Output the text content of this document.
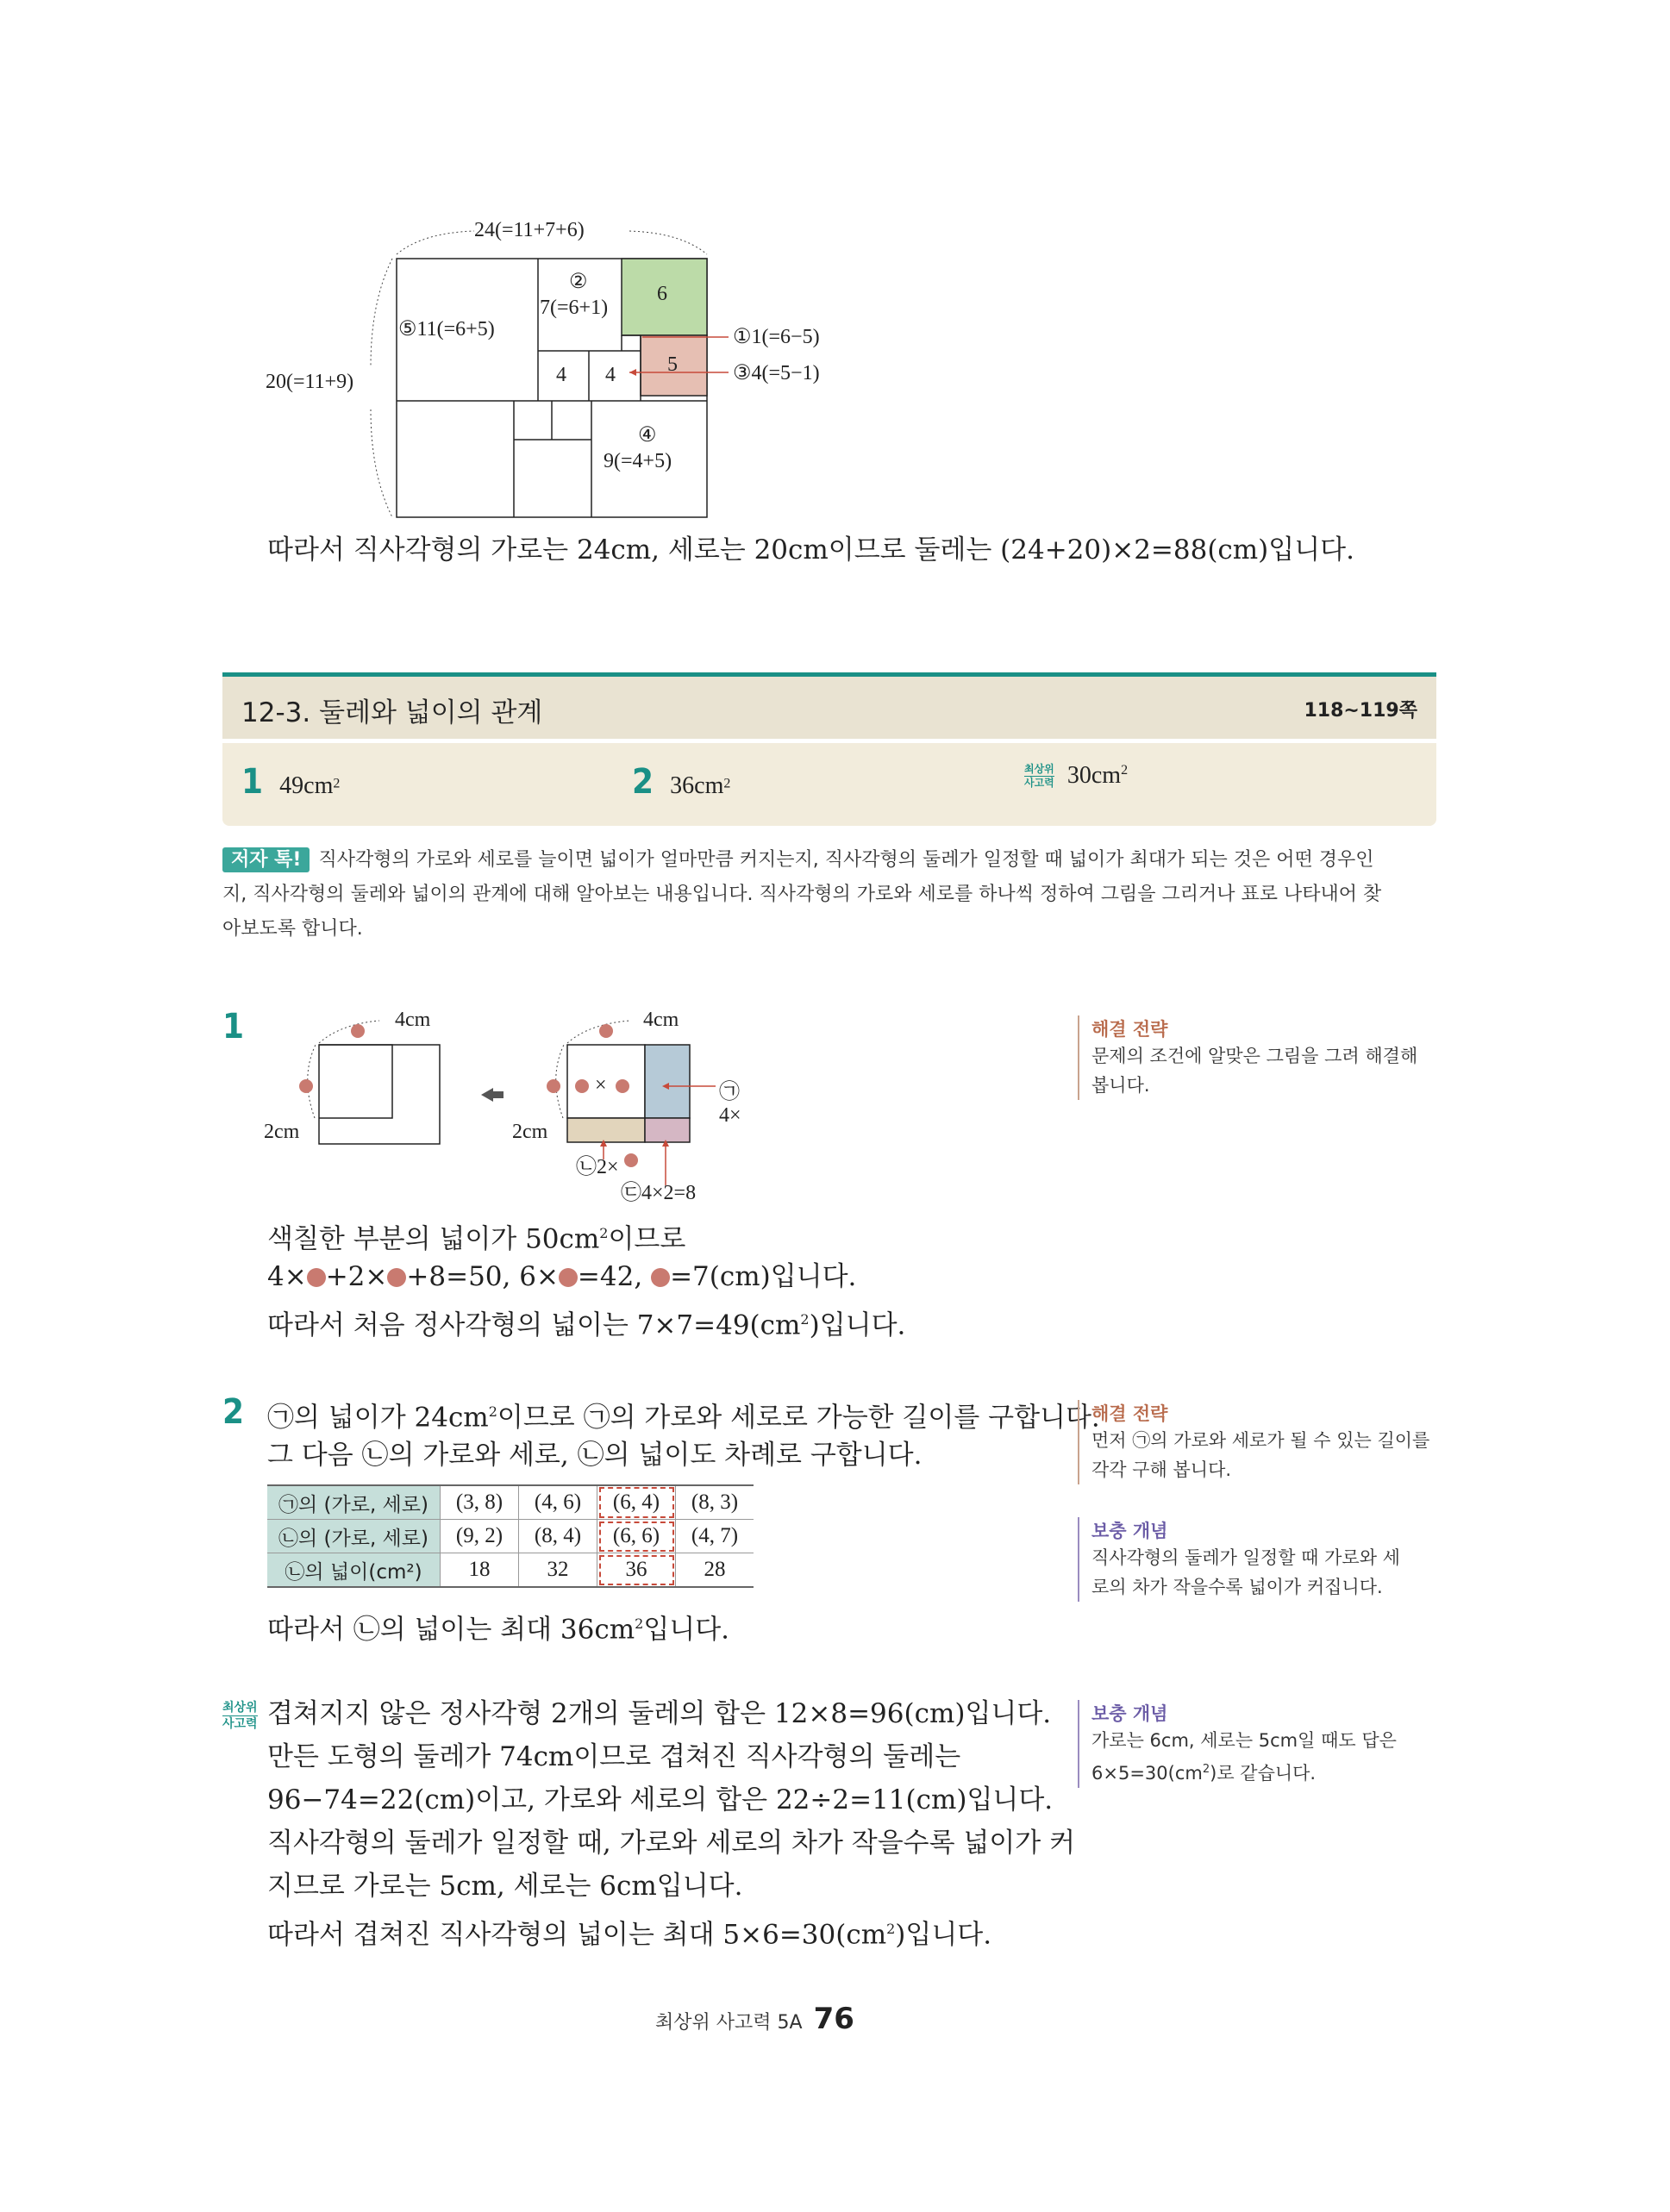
24(=11+7+6)
20(=11+9)
⑤11(=6+5)
②
7(=6+1)
6
4 4	5
④
9(=4+5)
①1(=6−5)
③4(=5−1)
따라서 직사각형의 가로는 24cm, 세로는 20cm이므로 둘레는 (24+20)×2=88(cm)입니다.
12-3. 둘레와 넓이의 관계	118~119쪽
1 $49cm^2$	2 $36cm^2$
최상위
사고력 $30cm^2$
저자 톡! 직사각형의 가로와 세로를 늘이면 넓이가 얼마만큼 커지는지, 직사각형의 둘레가 일정할 때 넓이가 최대가 되는 것은 어떤 경우인
지, 직사각형의 둘레와 넓이의 관계에 대해 알아보는 내용입니다. 직사각형의 가로와 세로를 하나씩 정하여 그림을 그리거나 표로 나타내어 찾
아보도록 합니다.
1	4cm
2cm
4cm
2cm
×	㉠4×
㉡2×
㉢4×2=8
색칠한 부분의 넓이가 $50cm^2$이므로
4× +2× +8=50, 6× =42, =7(cm)입니다.
따라서 처음 정사각형의 넓이는 $7\times 7=49(cm^2)$입니다.
해결 전략
문제의 조건에 알맞은 그림을 그려 해결해
봅니다.
2 ㉠의 넓이가 $24cm^2$이므로 ㉠의 가로와 세로로 가능한 길이를 구합니다.
그 다음 ㉡의 가로와 세로, ㉡의 넓이도 차례로 구합니다.
㉠의 (가로, 세로)	(3, 8)	(4, 6)	(6, 4)	(8, 3)
㉡의 (가로, 세로)	(9, 2)	(8, 4)	(6, 6)	(4, 7)
㉡의 넓이(cm²)	18	32	36	28
따라서 ㉡의 넓이는 최대 $36cm^2$입니다.
해결 전략
먼저 ㉠의 가로와 세로가 될 수 있는 길이를
각각 구해 봅니다.
보충 개념
직사각형의 둘레가 일정할 때 가로와 세
로의 차가 작을수록 넓이가 커집니다.
최상위
사고력 겹쳐지지 않은 정사각형 2개의 둘레의 합은 12×8=96(cm)입니다.
만든 도형의 둘레가 74cm이므로 겹쳐진 직사각형의 둘레는
96−74=22(cm)이고, 가로와 세로의 합은 22÷2=11(cm)입니다.
직사각형의 둘레가 일정할 때, 가로와 세로의 차가 작을수록 넓이가 커
지므로 가로는 5cm, 세로는 6cm입니다.
따라서 겹쳐진 직사각형의 넓이는 최대 $5\times 6=30(cm^2)$입니다.
보충 개념
가로는 6cm, 세로는 5cm일 때도 답은
$6\times 5=30(cm^2)$로 같습니다.
최상위 사고력 5A 76
